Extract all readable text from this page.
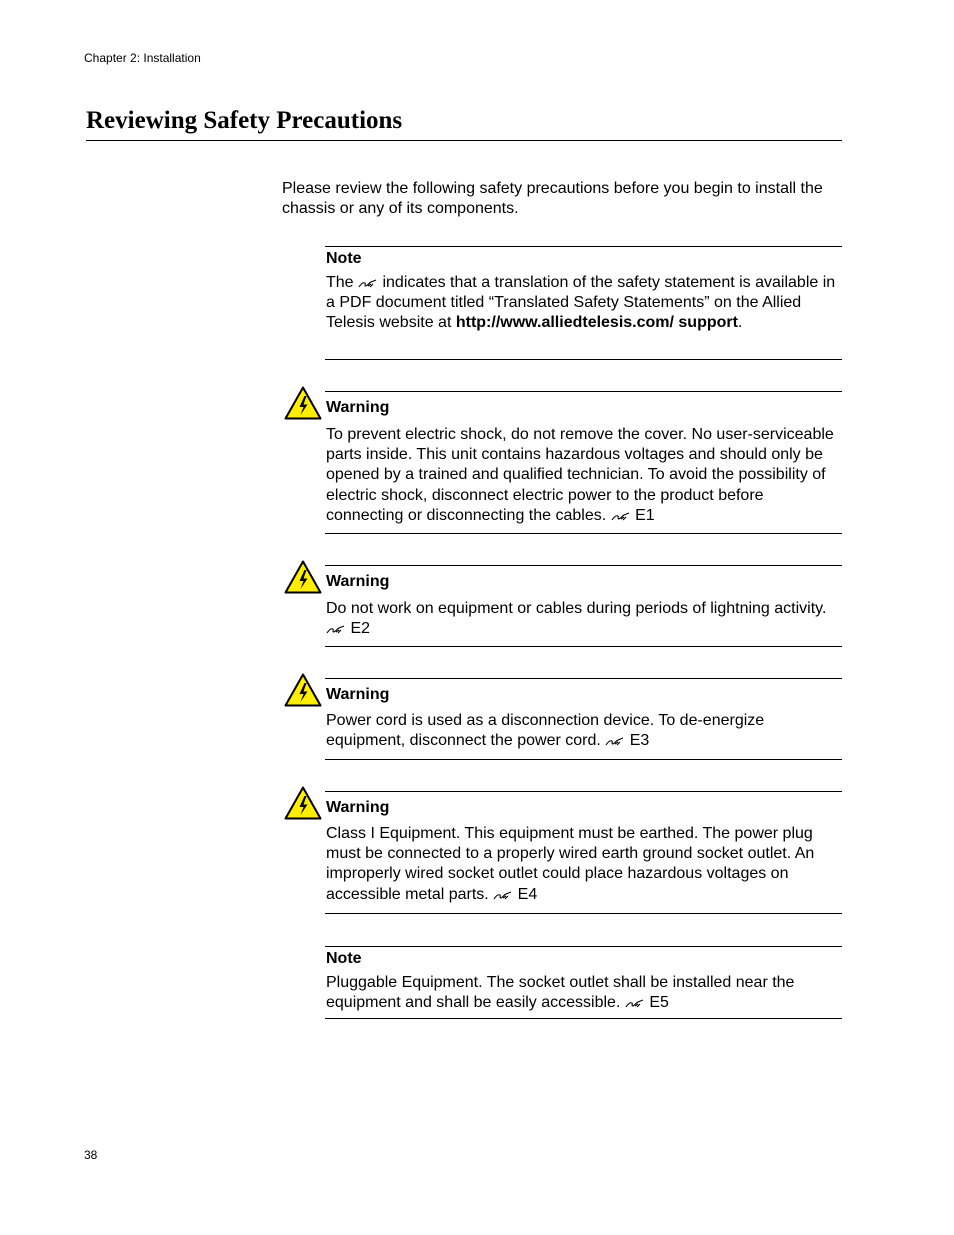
Chapter 2: Installation
Reviewing Safety Precautions

Please review the following safety precautions before you begin to install the chassis or any of its components.

Note

The  indicates that a translation of the safety statement is available in a PDF document titled “Translated Safety Statements” on the Allied Telesis website at http://www.alliedtelesis.com/ support.

Warning

To prevent electric shock, do not remove the cover. No user-serviceable parts inside. This unit contains hazardous voltages and should only be opened by a trained and qualified technician. To avoid the possibility of electric shock, disconnect electric power to the product before connecting or disconnecting the cables. E1

Warning

Do not work on equipment or cables during periods of lightning activity.  E2

Warning

Power cord is used as a disconnection device. To de-energize equipment, disconnect the power cord. E3

Warning

Class I Equipment. This equipment must be earthed. The power plug must be connected to a properly wired earth ground socket outlet. An improperly wired socket outlet could place hazardous voltages on accessible metal parts. E4

Note

Pluggable Equipment. The socket outlet shall be installed near the equipment and shall be easily accessible. E5

38
